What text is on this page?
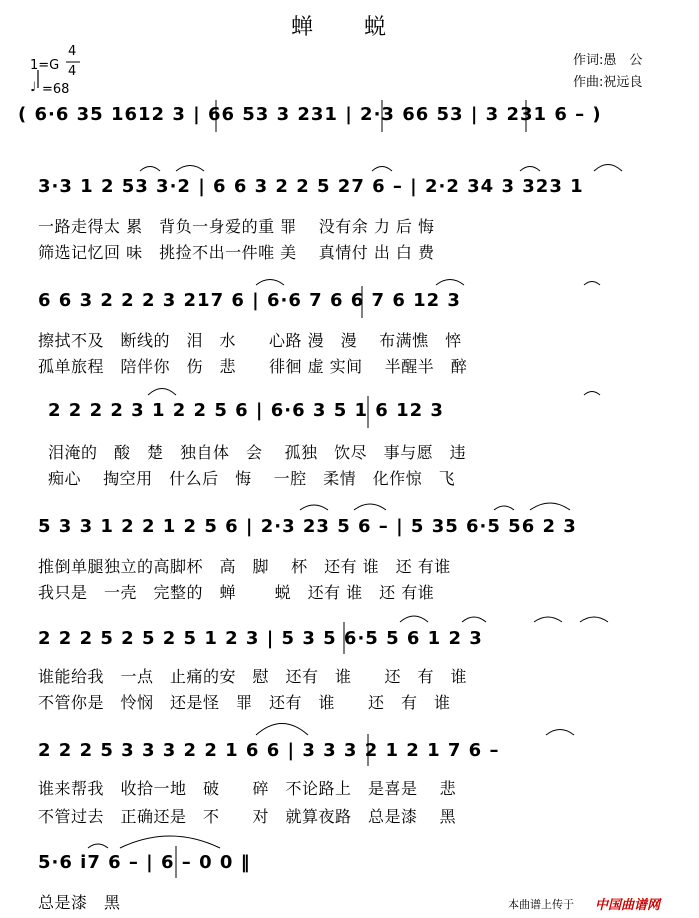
蝉 蜕
1=G
4
4
♩ =68
作词:愚　公
作曲:祝远良
( 6·6 35 1612 3 | 66 53 3 231 | 2·3 66 53 | 3 231 6 – )
3·3 1 2 53 3·2 | 6 6 3 2 2 5 27 6 – | 2·2 34 3 323 1
一路走得太 累　背负一身爱的重 罪　 没有余 力 后 悔
筛选记忆回 味　挑捡不出一件唯 美　 真情付 出 白 费
6 6 3 2 2 2 3 217 6 | 6·6 7 6 6 7 6 12 3
擦拭不及　断线的　泪　水　　心路 漫　漫　 布满憔　悴
孤单旅程　陪伴你　伤　悲　　徘徊 虚 实间　 半醒半　醉
2 2 2 2 3 1 2 2 5 6 | 6·6 3 5 1 6 12 3
泪淹的　酸　楚　独自体　会　 孤独　饮尽　事与愿　违
痴心　 掏空用　什么后　悔　 一腔　柔情　化作惊　飞
5 3 3 1 2 2 1 2 5 6 | 2·3 23 5 6 – | 5 35 6·5 56 2 3
推倒单腿独立的高脚杯　高　脚　 杯　还有 谁　还 有谁
我只是　一壳　完整的　蝉　　 蜕　还有 谁　还 有谁
2 2 2 5 2 5 2 5 1 2 3 | 5 3 5 6·5 5 6 1 2 3
谁能给我　一点　止痛的安　慰　还有　谁　　还　有　谁
不管你是　怜悯　还是怪　罪　还有　谁　　还　有　谁
2 2 2 5 3 3 3 2 2 1 6 6 | 3 3 3 2 1 2 1 7 6 –
谁来帮我　收拾一地　破　　碎　不论路上　是喜是　 悲
不管过去　正确还是　不　　对　就算夜路　总是漆　 黑
5·6 i7 6 – | 6 – 0 0 ‖
总是漆　黑	本曲谱上传于 中国曲谱网
